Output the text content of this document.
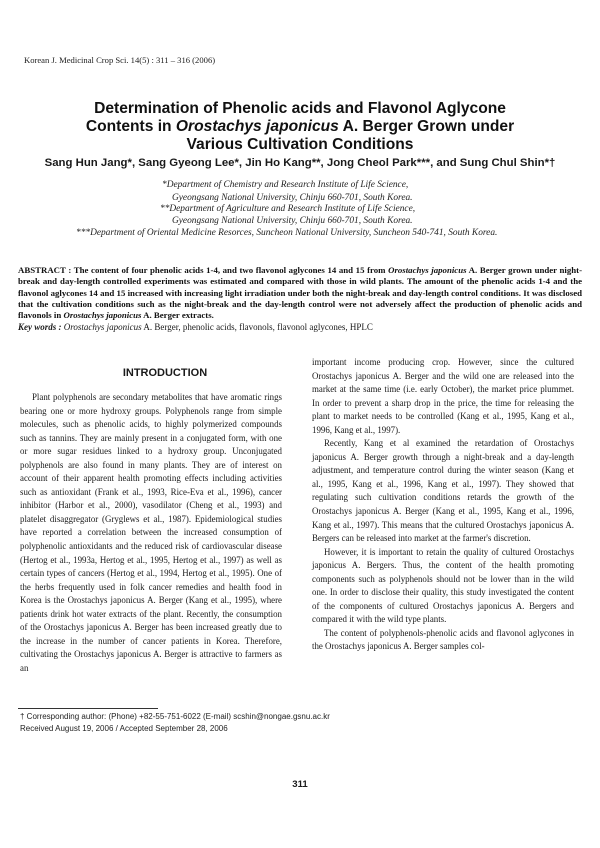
Korean J. Medicinal Crop Sci. 14(5) : 311 – 316 (2006)
Determination of Phenolic acids and Flavonol Aglycone
Contents in Orostachys japonicus A. Berger Grown under
Various Cultivation Conditions
Sang Hun Jang*, Sang Gyeong Lee*, Jin Ho Kang**, Jong Cheol Park***, and Sung Chul Shin*†
*Department of Chemistry and Research Institute of Life Science,
Gyeongsang National University, Chinju 660-701, South Korea.
**Department of Agriculture and Research Institute of Life Science,
Gyeongsang National University, Chinju 660-701, South Korea.
***Department of Oriental Medicine Resorces, Suncheon National University, Suncheon 540-741, South Korea.
ABSTRACT : The content of four phenolic acids 1-4, and two flavonol aglycones 14 and 15 from Orostachys japonicus A. Berger grown under night-break and day-length controlled experiments was estimated and compared with those in wild plants. The amount of the phenolic acids 1-4 and the flavonol aglycones 14 and 15 increased with increasing light irradiation under both the night-break and day-length control conditions. It was disclosed that the cultivation conditions such as the night-break and the day-length control were not adversely affect the production of phenolic acids and flavonols in Orostachys japonicus A. Berger extracts.
Key words : Orostachys japonicus A. Berger, phenolic acids, flavonols, flavonol aglycones, HPLC
INTRODUCTION

Plant polyphenols are secondary metabolites that have aromatic rings bearing one or more hydroxy groups. Polyphenols range from simple molecules, such as phenolic acids, to highly polymerized compounds such as tannins. They are mainly present in a conjugated form, with one or more sugar residues linked to a hydroxy group. Unconjugated polyphenols are also found in many plants. They are of interest on account of their apparent health promoting effects including activities such as antioxidant (Frank et al., 1993, Rice-Eva et al., 1996), cancer inhibitor (Harbor et al., 2000), vasodilator (Cheng et al., 1993) and platelet disaggregator (Gryglews et al., 1987). Epidemiological studies have reported a correlation between the increased consumption of polyphenolic antioxidants and the reduced risk of cardiovascular disease (Hertog et al., 1993a, Hertog et al., 1995, Hertog et al., 1997) as well as certain types of cancers (Hertog et al., 1994, Hertog et al., 1995). One of the herbs frequently used in folk cancer remedies and health food in Korea is the Orostachys japonicus A. Berger (Kang et al., 1995), where patients drink hot water extracts of the plant. Recently, the consumption of the Orostachys japonicus A. Berger has been increased greatly due to the increase in the number of cancer patients in Korea. Therefore, cultivating the Orostachys japonicus A. Berger is attractive to farmers as an

important income producing crop. However, since the cultured Orostachys japonicus A. Berger and the wild one are released into the market at the same time (i.e. early October), the market price plummet. In order to prevent a sharp drop in the price, the time for releasing the plant to market needs to be controlled (Kang et al., 1995, Kang et al., 1996, Kang et al., 1997).

Recently, Kang et al examined the retardation of Orostachys japonicus A. Berger growth through a night-break and a day-length adjustment, and temperature control during the winter season (Kang et al., 1995, Kang et al., 1996, Kang et al., 1997). They showed that regulating such cultivation conditions retards the growth of the Orostachys japonicus A. Berger (Kang et al., 1995, Kang et al., 1996, Kang et al., 1997). This means that the cultured Orostachys japonicus A. Bergers can be released into market at the farmer's discretion.

However, it is important to retain the quality of cultured Orostachys japonicus A. Bergers. Thus, the content of the health promoting components such as polyphenols should not be lower than in the wild one. In order to disclose their quality, this study investigated the content of the components of cultured Orostachys japonicus A. Bergers and compared it with the wild type plants.

The content of polyphenols-phenolic acids and flavonol aglycones in the Orostachys japonicus A. Berger samples col-

† Corresponding author: (Phone) +82-55-751-6022 (E-mail) scshin@nongae.gsnu.ac.kr
Received August 19, 2006 / Accepted September 28, 2006
311
